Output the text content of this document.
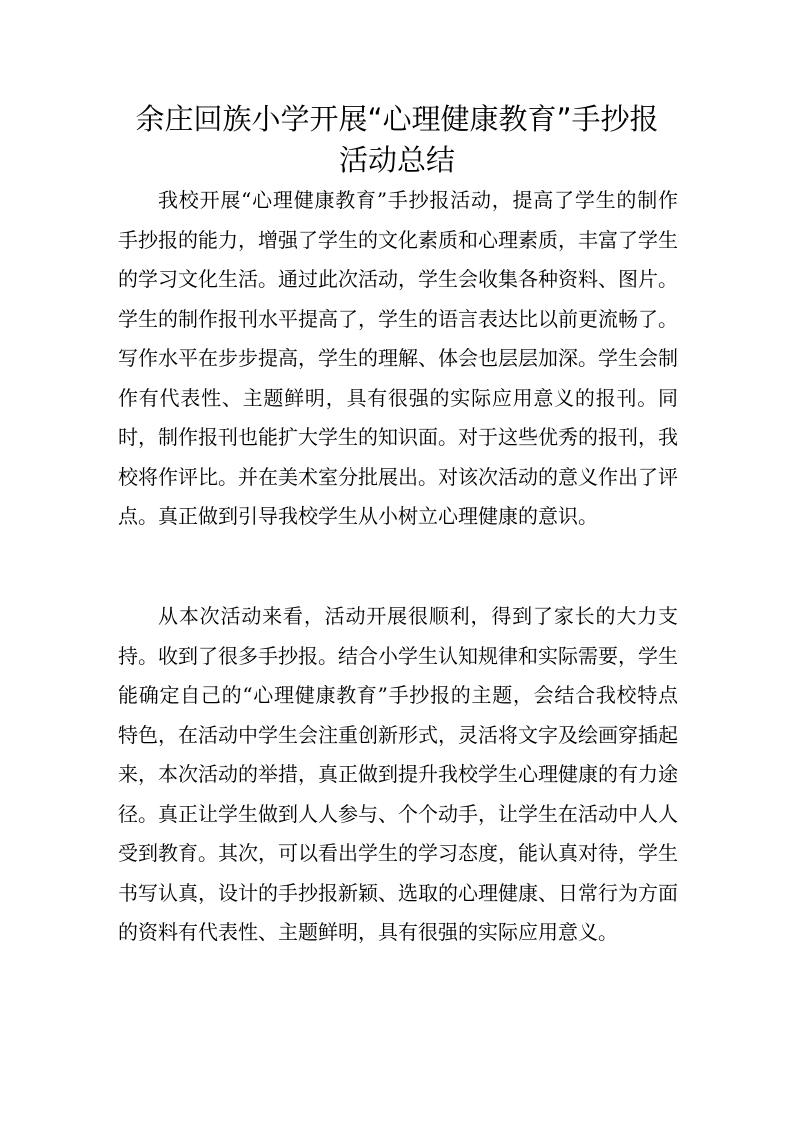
余庄回族小学开展“心理健康教育”手抄报
活动总结

我校开展“心理健康教育”手抄报活动，提高了学生的制作手抄报的能力，增强了学生的文化素质和心理素质，丰富了学生的学习文化生活。通过此次活动，学生会收集各种资料、图片。学生的制作报刊水平提高了，学生的语言表达比以前更流畅了。写作水平在步步提高，学生的理解、体会也层层加深。学生会制作有代表性、主题鲜明，具有很强的实际应用意义的报刊。同时，制作报刊也能扩大学生的知识面。对于这些优秀的报刊，我校将作评比。并在美术室分批展出。对该次活动的意义作出了评点。真正做到引导我校学生从小树立心理健康的意识。

从本次活动来看，活动开展很顺利，得到了家长的大力支持。收到了很多手抄报。结合小学生认知规律和实际需要，学生能确定自己的“心理健康教育”手抄报的主题，会结合我校特点特色，在活动中学生会注重创新形式，灵活将文字及绘画穿插起来，本次活动的举措，真正做到提升我校学生心理健康的有力途径。真正让学生做到人人参与、个个动手，让学生在活动中人人受到教育。其次，可以看出学生的学习态度，能认真对待，学生书写认真，设计的手抄报新颖、选取的心理健康、日常行为方面的资料有代表性、主题鲜明，具有很强的实际应用意义。
